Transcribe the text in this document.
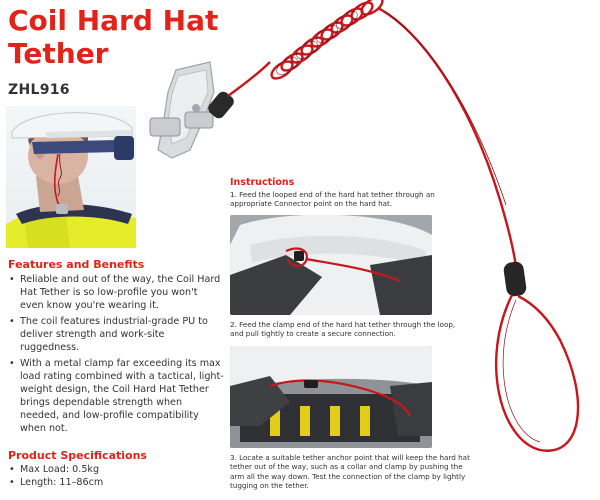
Coil Hard Hat
Tether
ZHL916
Features and Benefits
• Reliable and out of the way, the Coil Hard Hat Tether is so low-profile you won't even know you're wearing it.
• The coil features industrial-grade PU to deliver strength and work-site ruggedness.
• With a metal clamp far exceeding its max load rating combined with a tactical, light-weight design, the Coil Hard Hat Tether brings dependable strength when needed, and low-profile compatibility when not.
Product Specifications
• Max Load: 0.5kg
• Length: 11–86cm
Instructions
1. Feed the looped end of the hard hat tether through an appropriate Connector point on the hard hat.
2. Feed the clamp end of the hard hat tether through the loop, and pull tightly to create a secure connection.
3. Locate a suitable tether anchor point that will keep the hard hat tether out of the way, such as a collar and clamp by pushing the arm all the way down. Test the connection of the clamp by lightly tugging on the tether.
